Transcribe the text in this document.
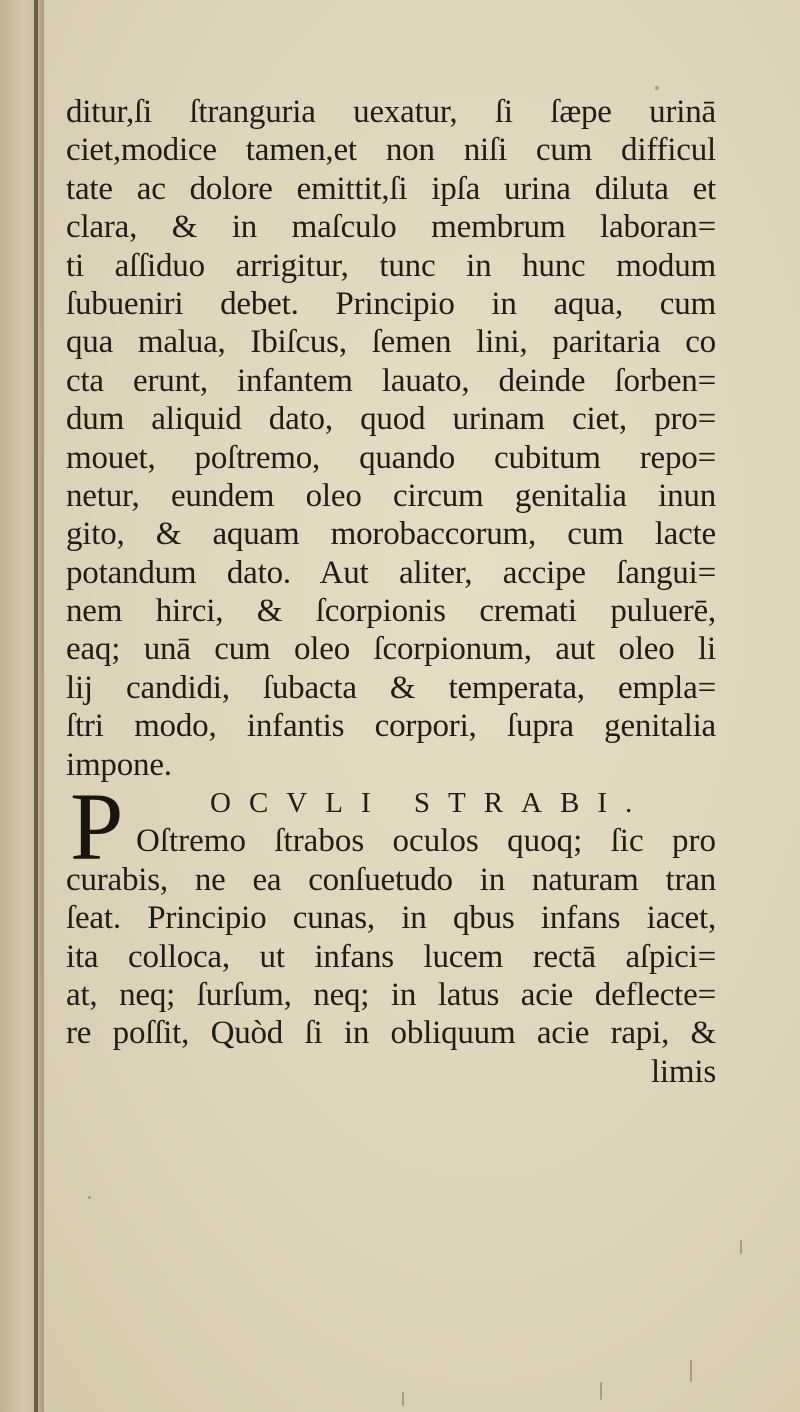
ditur,ſi ſtranguria uexatur, ſi ſæpe urinā
ciet,modice tamen,et non niſi cum difficul
tate ac dolore emittit,ſi ipſa urina diluta et
clara, & in maſculo membrum laboran=
ti aſſiduo arrigitur, tunc in hunc modum
ſubueniri debet. Principio in aqua, cum
qua malua, Ibiſcus, ſemen lini, paritaria co
cta erunt, infantem lauato, deinde ſorben=
dum aliquid dato, quod urinam ciet, pro=
mouet, poſtremo, quando cubitum repo=
netur, eundem oleo circum genitalia inun
gito, & aquam morobaccorum, cum lacte
potandum dato. Aut aliter, accipe ſangui=
nem hirci, & ſcorpionis cremati puluerē,
eaq; unā cum oleo ſcorpionum, aut oleo li
lij candidi, ſubacta & temperata, empla=
ſtri modo, infantis corpori, ſupra genitalia
impone.
P	OCVLI STRABI.
Oſtremo ſtrabos oculos quoq; ſic pro
curabis, ne ea conſuetudo in naturam tran
ſeat. Principio cunas, in qbus infans iacet,
ita colloca, ut infans lucem rectā aſpici=
at, neq; ſurſum, neq; in latus acie deflecte=
re poſſit, Quòd ſi in obliquum acie rapi, &
limis
